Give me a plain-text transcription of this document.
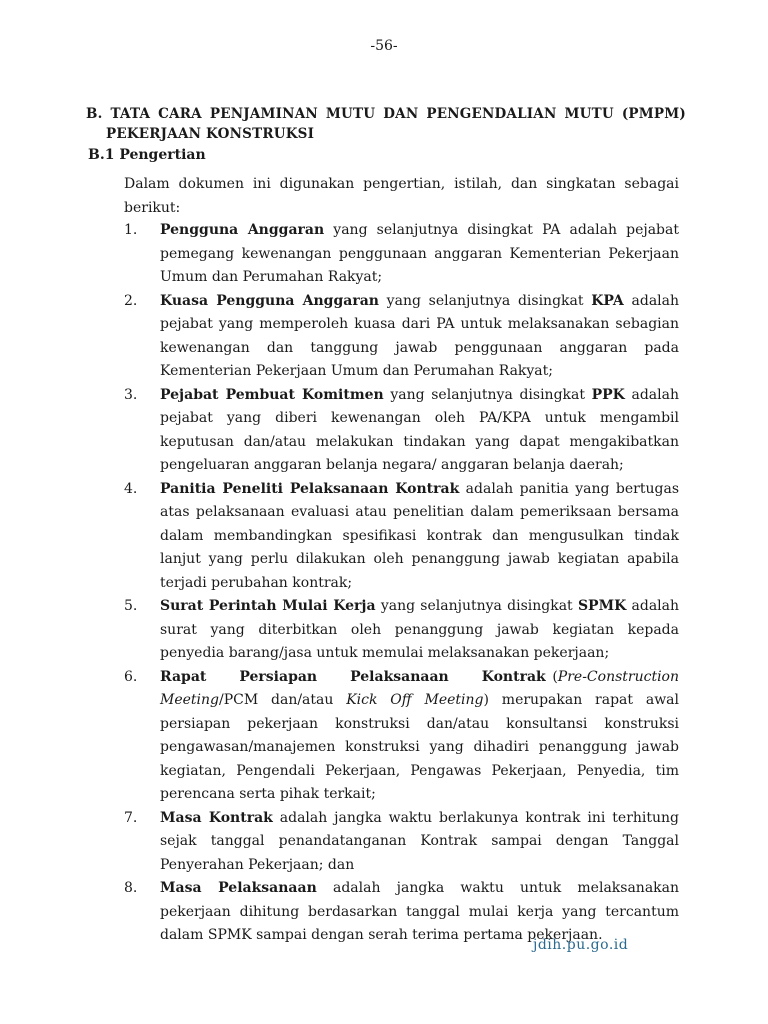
-56-
B. TATA CARA PENJAMINAN MUTU DAN PENGENDALIAN MUTU (PMPM)
PEKERJAAN KONSTRUKSI
B.1 Pengertian
Dalam dokumen ini digunakan pengertian, istilah, dan singkatan sebagai berikut:
1.	Pengguna Anggaran yang selanjutnya disingkat PA adalah pejabat pemegang kewenangan penggunaan anggaran Kementerian Pekerjaan Umum dan Perumahan Rakyat;
2.	Kuasa Pengguna Anggaran yang selanjutnya disingkat KPA adalah pejabat yang memperoleh kuasa dari PA untuk melaksanakan sebagian kewenangan dan tanggung jawab penggunaan anggaran pada Kementerian Pekerjaan Umum dan Perumahan Rakyat;
3.	Pejabat Pembuat Komitmen yang selanjutnya disingkat PPK adalah pejabat yang diberi kewenangan oleh PA/KPA untuk mengambil keputusan dan/atau melakukan tindakan yang dapat mengakibatkan pengeluaran anggaran belanja negara/ anggaran belanja daerah;
4.	Panitia Peneliti Pelaksanaan Kontrak adalah panitia yang bertugas atas pelaksanaan evaluasi atau penelitian dalam pemeriksaan bersama dalam membandingkan spesifikasi kontrak dan mengusulkan tindak lanjut yang perlu dilakukan oleh penanggung jawab kegiatan apabila terjadi perubahan kontrak;
5.	Surat Perintah Mulai Kerja yang selanjutnya disingkat SPMK adalah surat yang diterbitkan oleh penanggung jawab kegiatan kepada penyedia barang/jasa untuk memulai melaksanakan pekerjaan;
6.	Rapat Persiapan Pelaksanaan Kontrak (Pre-Construction Meeting/PCM dan/atau Kick Off Meeting) merupakan rapat awal persiapan pekerjaan konstruksi dan/atau konsultansi konstruksi pengawasan/manajemen konstruksi yang dihadiri penanggung jawab kegiatan, Pengendali Pekerjaan, Pengawas Pekerjaan, Penyedia, tim perencana serta pihak terkait;
7.	Masa Kontrak adalah jangka waktu berlakunya kontrak ini terhitung sejak tanggal penandatanganan Kontrak sampai dengan Tanggal Penyerahan Pekerjaan; dan
8.	Masa Pelaksanaan adalah jangka waktu untuk melaksanakan pekerjaan dihitung berdasarkan tanggal mulai kerja yang tercantum dalam SPMK sampai dengan serah terima pertama pekerjaan.
jdih.pu.go.id
